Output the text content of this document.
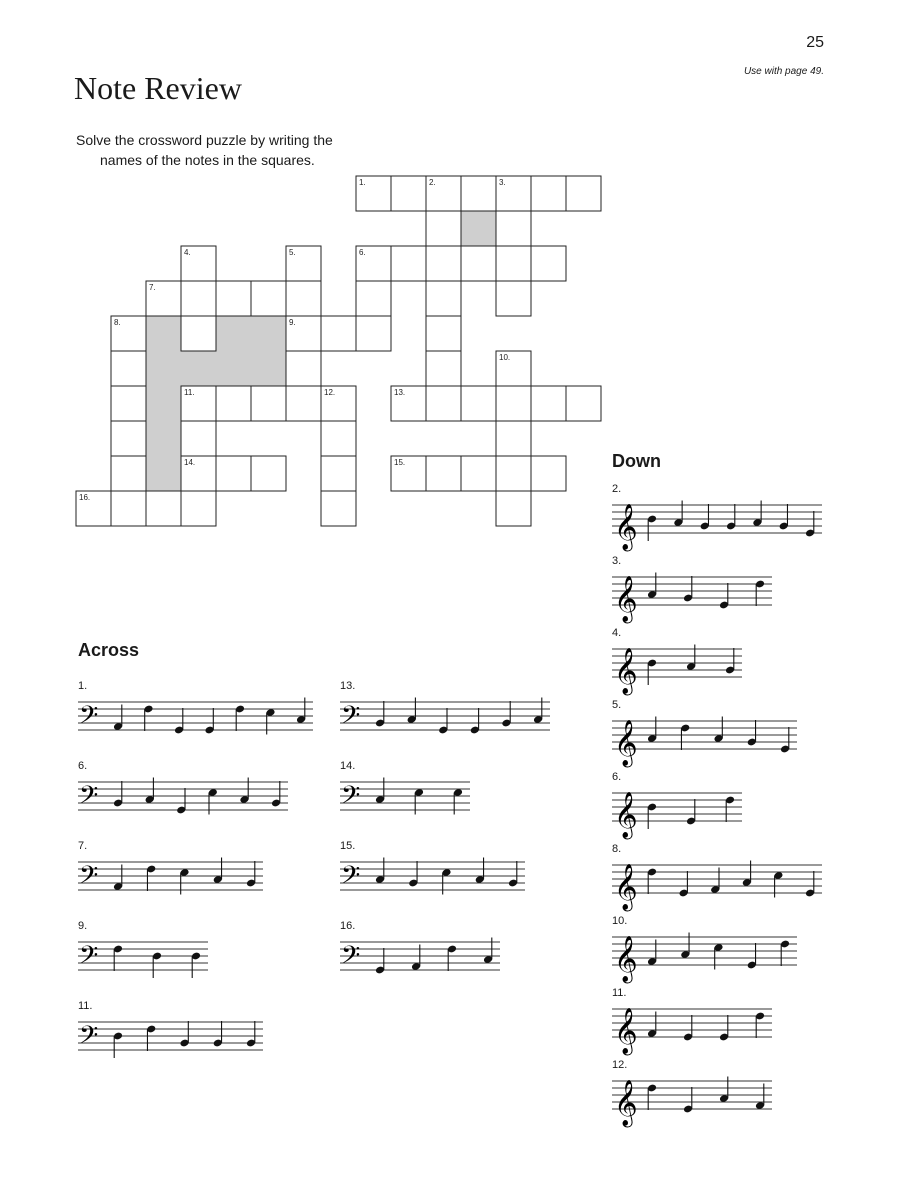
25
Use with page 49.
Note Review
Solve the crossword puzzle by writing the
names of the notes in the squares.
1.	2.	3.
4.	5.	6.
7.
8.	9.
10.
11.	12.	13.
14.	15.
16.
Across
Down
1.
𝄢
6.
𝄢
7.
𝄢
9.
𝄢
11.
𝄢
13.
𝄢
14.
𝄢
15.
𝄢
16.
𝄢
2.
𝄞
3.
𝄞
4.
𝄞
5.
𝄞
6.
𝄞
8.
𝄞
10.
𝄞
11.
𝄞
12.
𝄞
